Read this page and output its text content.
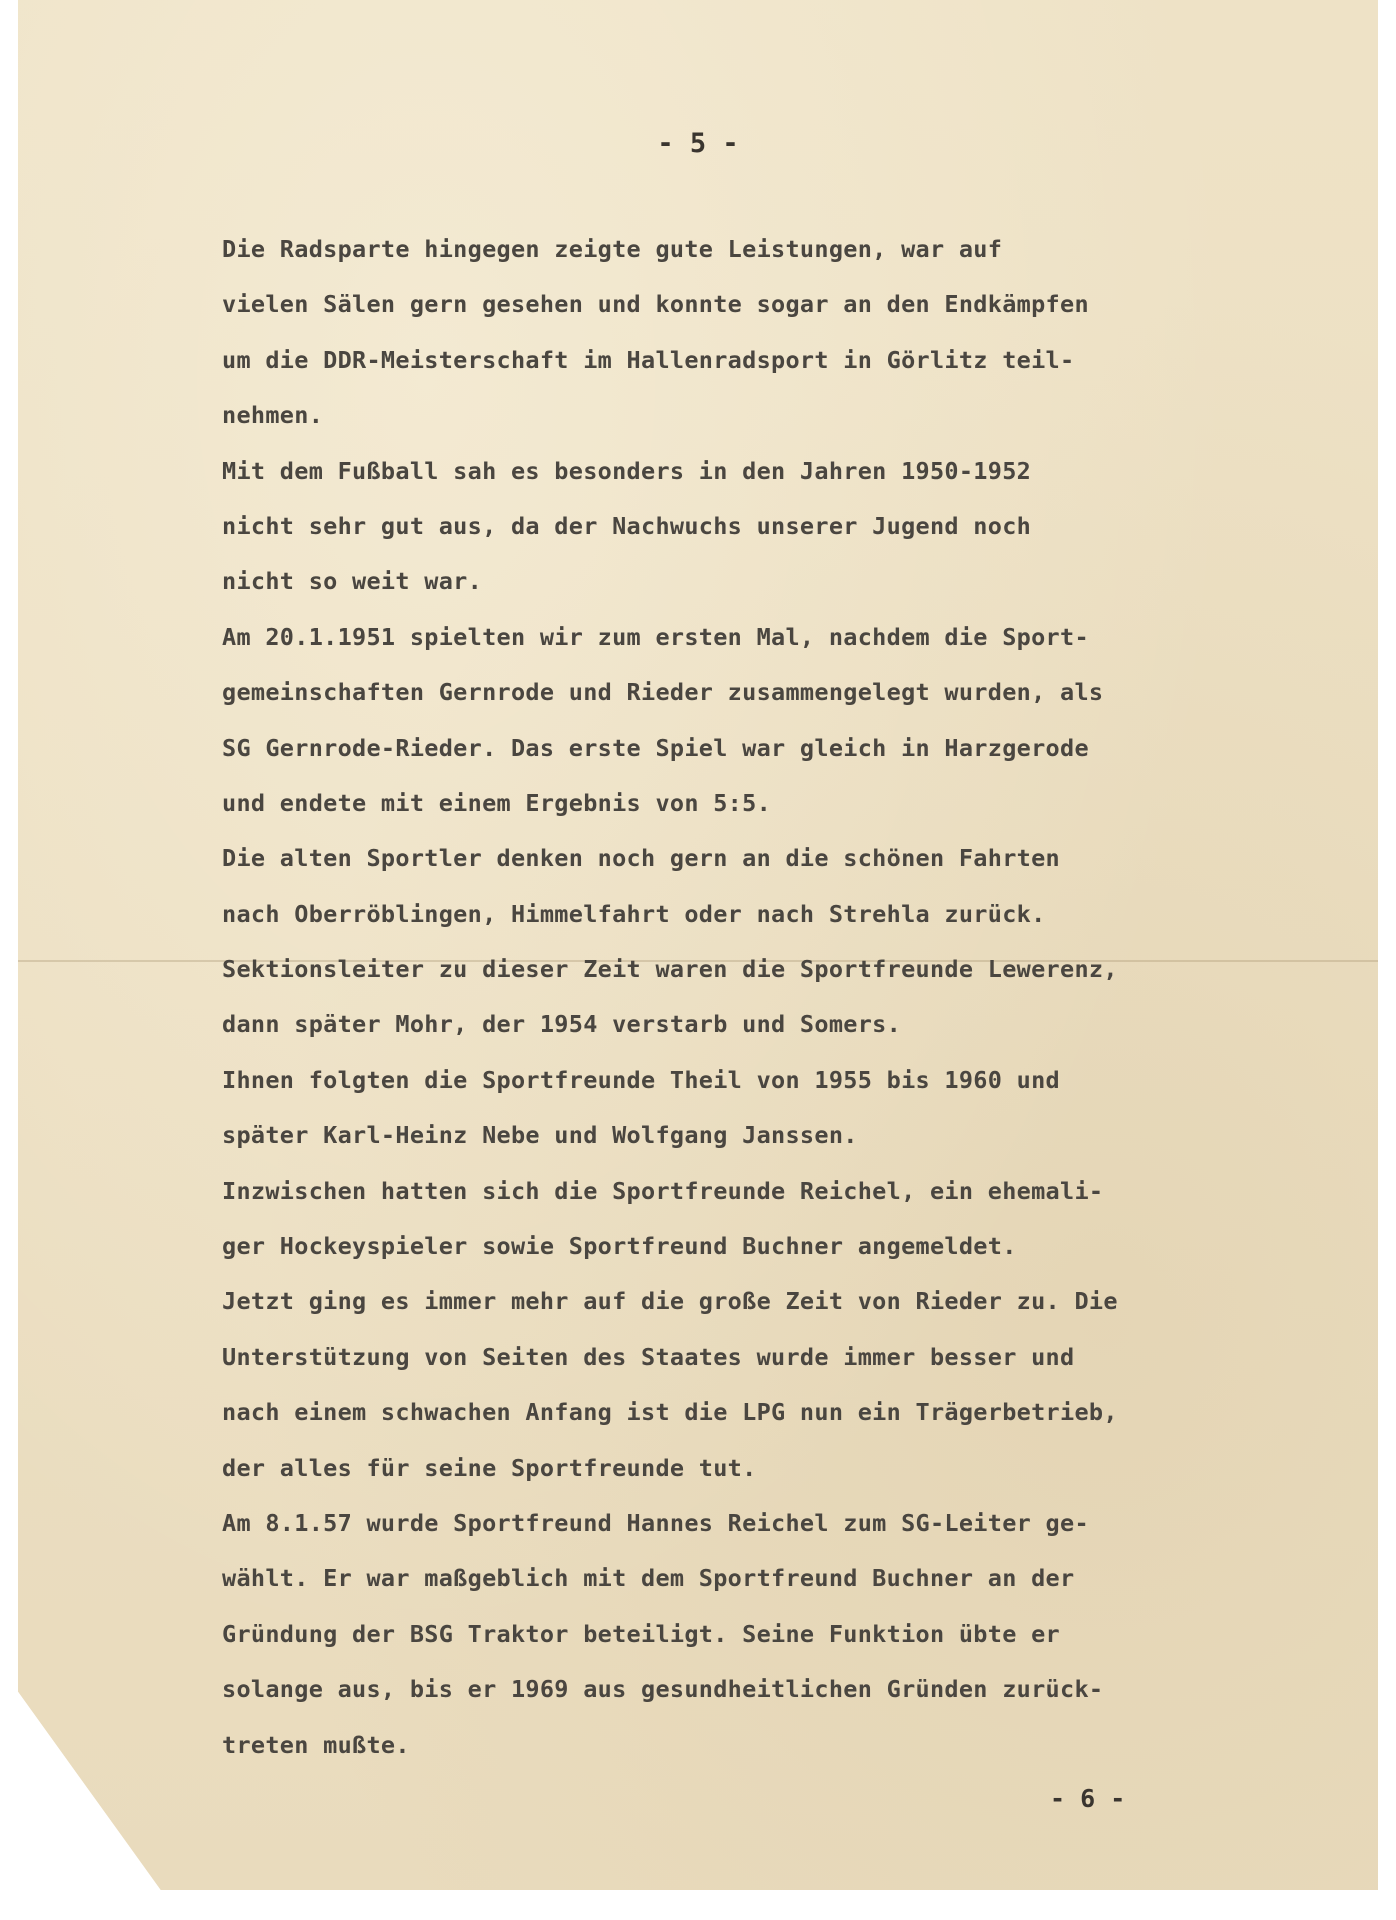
- 5 -
Die Radsparte hingegen zeigte gute Leistungen, war auf
vielen Sälen gern gesehen und konnte sogar an den Endkämpfen
um die DDR-Meisterschaft im Hallenradsport in Görlitz teil-
nehmen.
Mit dem Fußball sah es besonders in den Jahren 1950-1952
nicht sehr gut aus, da der Nachwuchs unserer Jugend noch
nicht so weit war.
Am 20.1.1951 spielten wir zum ersten Mal, nachdem die Sport-
gemeinschaften Gernrode und Rieder zusammengelegt wurden, als
SG Gernrode-Rieder. Das erste Spiel war gleich in Harzgerode
und endete mit einem Ergebnis von 5:5.
Die alten Sportler denken noch gern an die schönen Fahrten
nach Oberröblingen, Himmelfahrt oder nach Strehla zurück.
Sektionsleiter zu dieser Zeit waren die Sportfreunde Lewerenz,
dann später Mohr, der 1954 verstarb und Somers.
Ihnen folgten die Sportfreunde Theil von 1955 bis 1960 und
später Karl-Heinz Nebe und Wolfgang Janssen.
Inzwischen hatten sich die Sportfreunde Reichel, ein ehemali-
ger Hockeyspieler sowie Sportfreund Buchner angemeldet.
Jetzt ging es immer mehr auf die große Zeit von Rieder zu. Die
Unterstützung von Seiten des Staates wurde immer besser und
nach einem schwachen Anfang ist die LPG nun ein Trägerbetrieb,
der alles für seine Sportfreunde tut.
Am 8.1.57 wurde Sportfreund Hannes Reichel zum SG-Leiter ge-
wählt. Er war maßgeblich mit dem Sportfreund Buchner an der
Gründung der BSG Traktor beteiligt. Seine Funktion übte er
solange aus, bis er 1969 aus gesundheitlichen Gründen zurück-
treten mußte.
- 6 -
